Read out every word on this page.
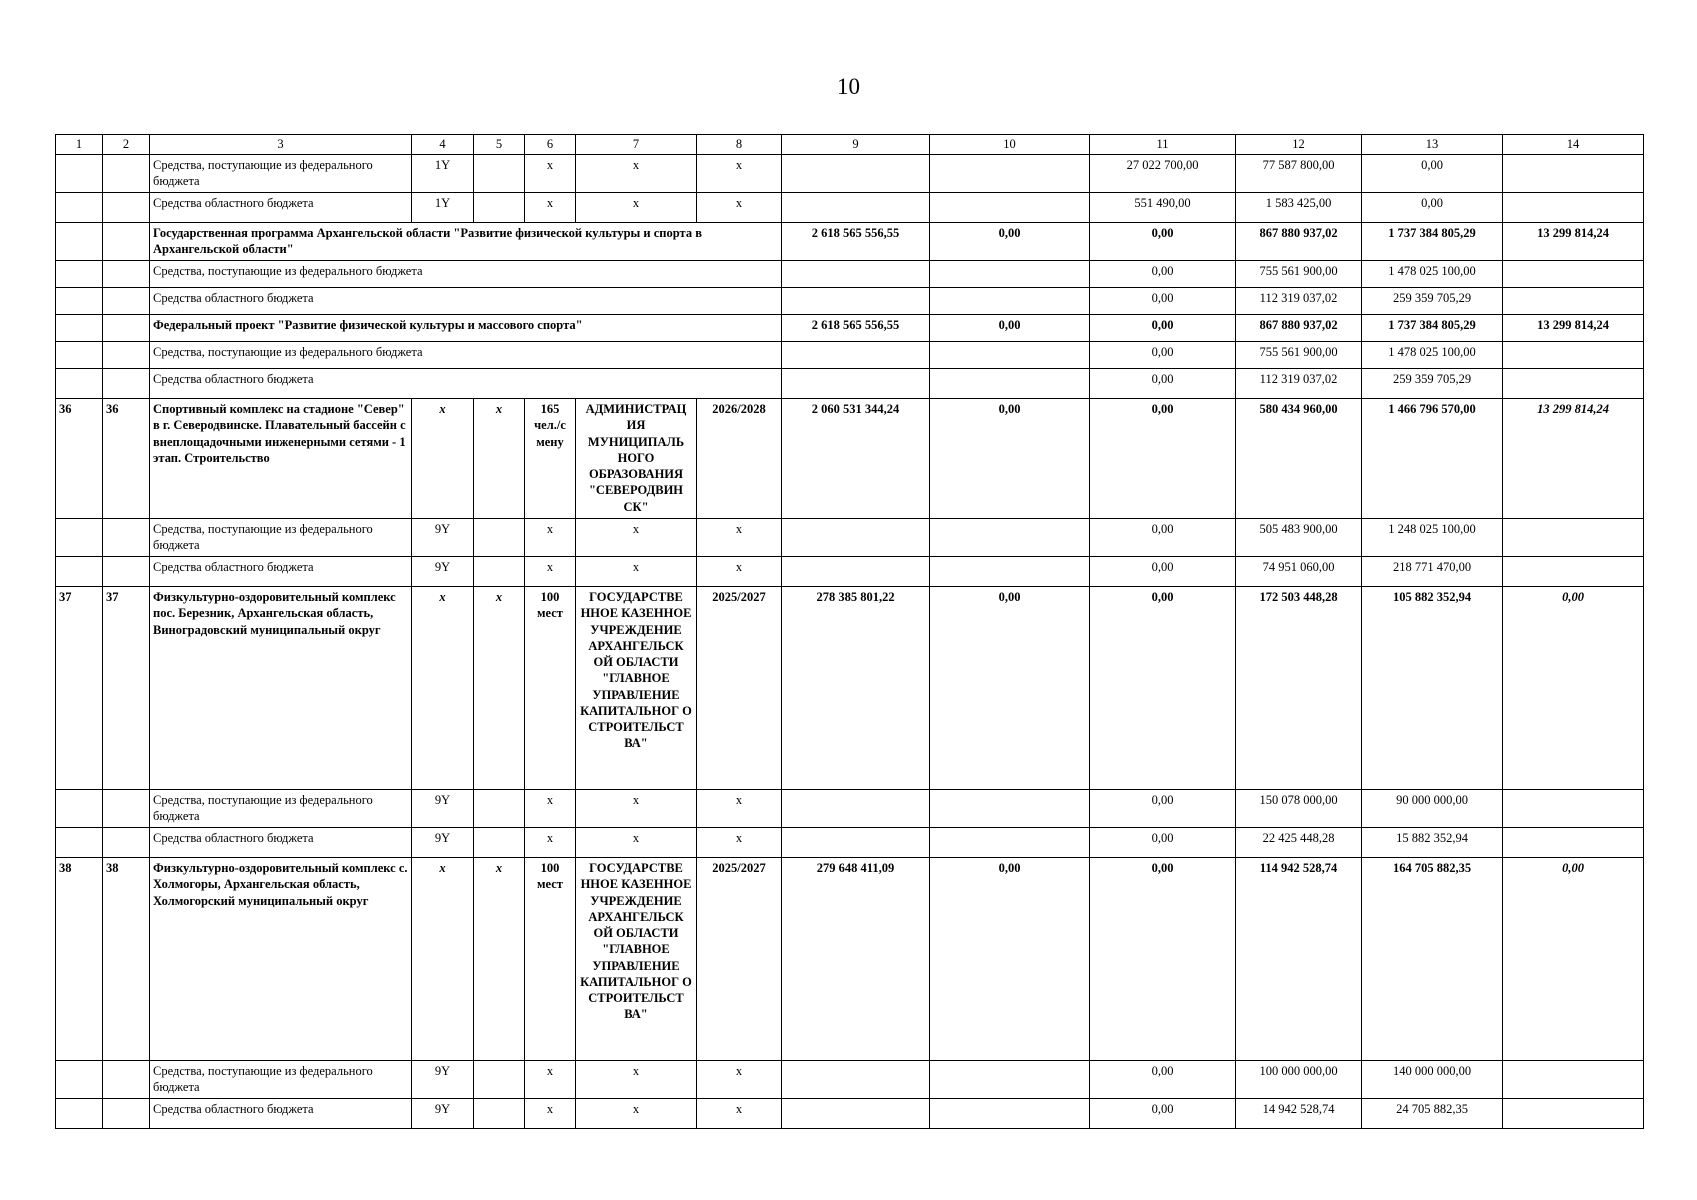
10
1	2	3	4	5	6	7	8	9	10	11	12	13	14
		Средства, поступающие из федерального бюджета	1Y		х	х	х			27 022 700,00	77 587 800,00	0,00	
		Средства областного бюджета	1Y		х	х	х			551 490,00	1 583 425,00	0,00	
		Государственная программа Архангельской области "Развитие физической культуры и спорта в Архангельской области"						2 618 565 556,55	0,00	0,00	867 880 937,02	1 737 384 805,29	13 299 814,24
		Средства, поступающие из федерального бюджета								0,00	755 561 900,00	1 478 025 100,00	
		Средства областного бюджета								0,00	112 319 037,02	259 359 705,29	
		Федеральный проект "Развитие физической культуры и массового спорта"						2 618 565 556,55	0,00	0,00	867 880 937,02	1 737 384 805,29	13 299 814,24
		Средства, поступающие из федерального бюджета								0,00	755 561 900,00	1 478 025 100,00	
		Средства областного бюджета								0,00	112 319 037,02	259 359 705,29	
36	36	Спортивный комплекс на стадионе "Север" в г. Северодвинске. Плавательный бассейн с внеплощадочными инженерными сетями - 1 этап. Строительство	х	х	165 чел./с мену	АДМИНИСТРАЦ ИЯ МУНИЦИПАЛЬ НОГО ОБРАЗОВАНИЯ "СЕВЕРОДВИН СК"	2026/2028	2 060 531 344,24	0,00	0,00	580 434 960,00	1 466 796 570,00	13 299 814,24
		Средства, поступающие из федерального бюджета	9Y		х	х	х			0,00	505 483 900,00	1 248 025 100,00	
		Средства областного бюджета	9Y		х	х	х			0,00	74 951 060,00	218 771 470,00	
37	37	Физкультурно-оздоровительный комплекс пос. Березник, Архангельская область, Виноградовский муниципальный округ	х	х	100 мест	ГОСУДАРСТВЕ ННОЕ КАЗЕННОЕ УЧРЕЖДЕНИЕ АРХАНГЕЛЬСК ОЙ ОБЛАСТИ "ГЛАВНОЕ УПРАВЛЕНИЕ КАПИТАЛЬНОГ О СТРОИТЕЛЬСТ ВА"	2025/2027	278 385 801,22	0,00	0,00	172 503 448,28	105 882 352,94	0,00
		Средства, поступающие из федерального бюджета	9Y		х	х	х			0,00	150 078 000,00	90 000 000,00	
		Средства областного бюджета	9Y		х	х	х			0,00	22 425 448,28	15 882 352,94	
38	38	Физкультурно-оздоровительный комплекс с. Холмогоры, Архангельская область, Холмогорский муниципальный округ	х	х	100 мест	ГОСУДАРСТВЕ ННОЕ КАЗЕННОЕ УЧРЕЖДЕНИЕ АРХАНГЕЛЬСК ОЙ ОБЛАСТИ "ГЛАВНОЕ УПРАВЛЕНИЕ КАПИТАЛЬНОГ О СТРОИТЕЛЬСТ ВА"	2025/2027	279 648 411,09	0,00	0,00	114 942 528,74	164 705 882,35	0,00
		Средства, поступающие из федерального бюджета	9Y		х	х	х			0,00	100 000 000,00	140 000 000,00	
		Средства областного бюджета	9Y		х	х	х			0,00	14 942 528,74	24 705 882,35	
